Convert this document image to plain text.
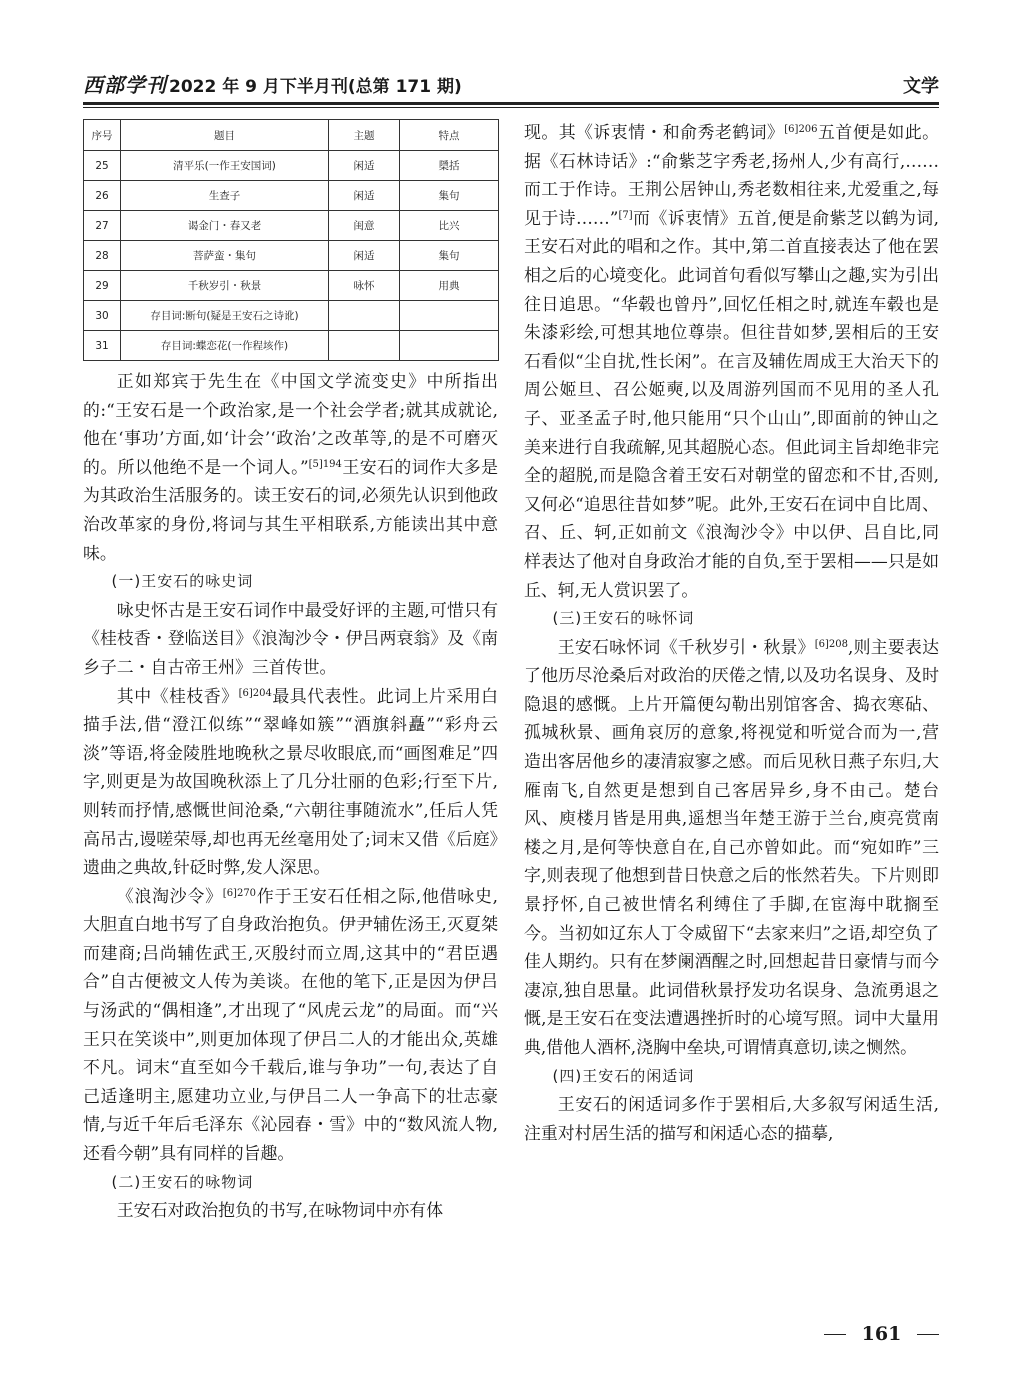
西部学刊 2022 年 9 月下半月刊(总第 171 期)	文学
序号	题目	主题	特点
25	清平乐(一作王安国词)	闲适	檃括
26	生查子	闲适	集句
27	谒金门・春又老	闺意	比兴
28	菩萨蛮・集句	闲适	集句
29	千秋岁引・秋景	咏怀	用典
30	存目词:断句(疑是王安石之诗讹)		
31	存目词:蝶恋花(一作程垓作)		

正如郑宾于先生在《中国文学流变史》中所指出的:“王安石是一个政治家,是一个社会学者;就其成就论,他在‘事功’方面,如‘计会’‘政治’之改革等,的是不可磨灭的。所以他绝不是一个词人。”$^{[5]194}$王安石的词作大多是为其政治生活服务的。读王安石的词,必须先认识到他政治改革家的身份,将词与其生平相联系,方能读出其中意味。

(一)王安石的咏史词

咏史怀古是王安石词作中最受好评的主题,可惜只有《桂枝香・登临送目》《浪淘沙令・伊吕两衰翁》及《南乡子二・自古帝王州》三首传世。

其中《桂枝香》$^{[6]204}$最具代表性。此词上片采用白描手法,借“澄江似练”“翠峰如簇”“酒旗斜矗”“彩舟云淡”等语,将金陵胜地晚秋之景尽收眼底,而“画图难足”四字,则更是为故国晚秋添上了几分壮丽的色彩;行至下片,则转而抒情,感慨世间沧桑,“六朝往事随流水”,任后人凭高吊古,谩嗟荣辱,却也再无丝毫用处了;词末又借《后庭》遗曲之典故,针砭时弊,发人深思。

《浪淘沙令》$^{[6]270}$作于王安石任相之际,他借咏史,大胆直白地书写了自身政治抱负。伊尹辅佐汤王,灭夏桀而建商;吕尚辅佐武王,灭殷纣而立周,这其中的“君臣遇合”自古便被文人传为美谈。在他的笔下,正是因为伊吕与汤武的“偶相逢”,才出现了“风虎云龙”的局面。而“兴王只在笑谈中”,则更加体现了伊吕二人的才能出众,英雄不凡。词末“直至如今千载后,谁与争功”一句,表达了自己适逢明主,愿建功立业,与伊吕二人一争高下的壮志豪情,与近千年后毛泽东《沁园春・雪》中的“数风流人物,还看今朝”具有同样的旨趣。

(二)王安石的咏物词

王安石对政治抱负的书写,在咏物词中亦有体

现。其《诉衷情・和俞秀老鹤词》$^{[6]206}$五首便是如此。据《石林诗话》:“俞紫芝字秀老,扬州人,少有高行,……而工于作诗。王荆公居钟山,秀老数相往来,尤爱重之,每见于诗……”[7]而《诉衷情》五首,便是俞紫芝以鹤为词,王安石对此的唱和之作。其中,第二首直接表达了他在罢相之后的心境变化。此词首句看似写攀山之趣,实为引出往日追思。“华毂也曾丹”,回忆任相之时,就连车毂也是朱漆彩绘,可想其地位尊崇。但往昔如梦,罢相后的王安石看似“尘自扰,性长闲”。在言及辅佐周成王大治天下的周公姬旦、召公姬奭,以及周游列国而不见用的圣人孔子、亚圣孟子时,他只能用“只个山山”,即面前的钟山之美来进行自我疏解,见其超脱心态。但此词主旨却绝非完全的超脱,而是隐含着王安石对朝堂的留恋和不甘,否则,又何必“追思往昔如梦”呢。此外,王安石在词中自比周、召、丘、轲,正如前文《浪淘沙令》中以伊、吕自比,同样表达了他对自身政治才能的自负,至于罢相——只是如丘、轲,无人赏识罢了。

(三)王安石的咏怀词

王安石咏怀词《千秋岁引・秋景》$^{[6]208}$,则主要表达了他历尽沧桑后对政治的厌倦之情,以及功名误身、及时隐退的感慨。上片开篇便勾勒出别馆客舍、捣衣寒砧、孤城秋景、画角哀厉的意象,将视觉和听觉合而为一,营造出客居他乡的凄清寂寥之感。而后见秋日燕子东归,大雁南飞,自然更是想到自己客居异乡,身不由己。楚台风、庾楼月皆是用典,遥想当年楚王游于兰台,庾亮赏南楼之月,是何等快意自在,自己亦曾如此。而“宛如昨”三字,则表现了他想到昔日快意之后的怅然若失。下片则即景抒怀,自己被世情名利缚住了手脚,在宦海中耽搁至今。当初如辽东人丁令威留下“去家来归”之语,却空负了佳人期约。只有在梦阑酒醒之时,回想起昔日豪情与而今凄凉,独自思量。此词借秋景抒发功名误身、急流勇退之慨,是王安石在变法遭遇挫折时的心境写照。词中大量用典,借他人酒杯,浇胸中垒块,可谓情真意切,读之恻然。

(四)王安石的闲适词

王安石的闲适词多作于罢相后,大多叙写闲适生活,注重对村居生活的描写和闲适心态的描摹,

161
